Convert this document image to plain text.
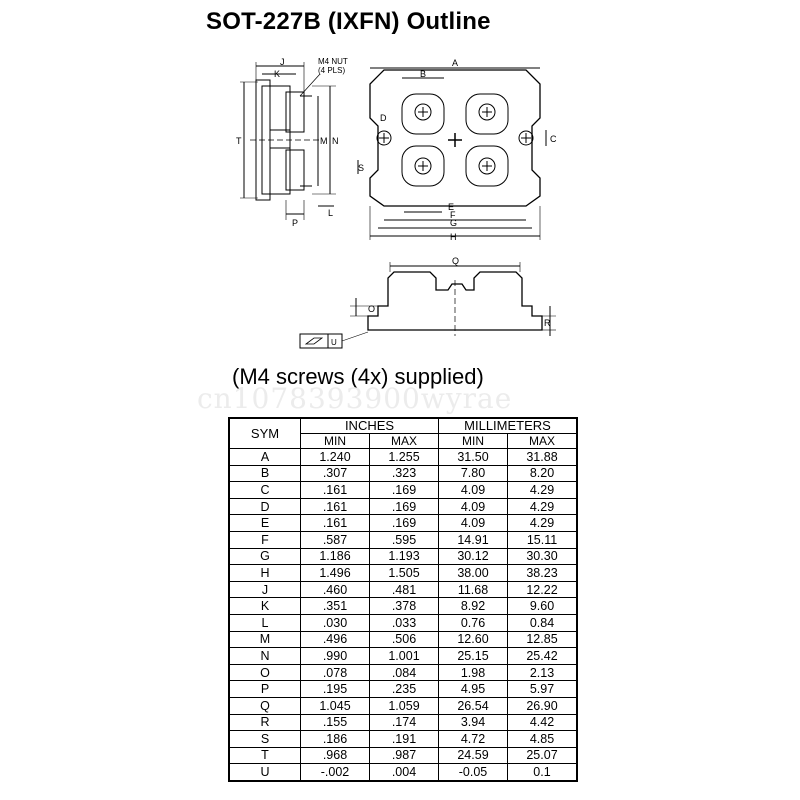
SOT-227B (IXFN) Outline
M4 NUT
(4 PLS)
J
K
T	M N
P
L
A
B
D
C
S
E
F
G
H
Q
O
R
U
(M4 screws (4x) supplied)
cn1078393900wyrae
SYM	INCHES		MILLIMETERS	
	MIN	MAX	MIN	MAX
A	1.240	1.255	31.50	31.88
B	.307	.323	7.80	8.20
C	.161	.169	4.09	4.29
D	.161	.169	4.09	4.29
E	.161	.169	4.09	4.29
F	.587	.595	14.91	15.11
G	1.186	1.193	30.12	30.30
H	1.496	1.505	38.00	38.23
J	.460	.481	11.68	12.22
K	.351	.378	8.92	9.60
L	.030	.033	0.76	0.84
M	.496	.506	12.60	12.85
N	.990	1.001	25.15	25.42
O	.078	.084	1.98	2.13
P	.195	.235	4.95	5.97
Q	1.045	1.059	26.54	26.90
R	.155	.174	3.94	4.42
S	.186	.191	4.72	4.85
T	.968	.987	24.59	25.07
U	-.002	.004	-0.05	0.1
